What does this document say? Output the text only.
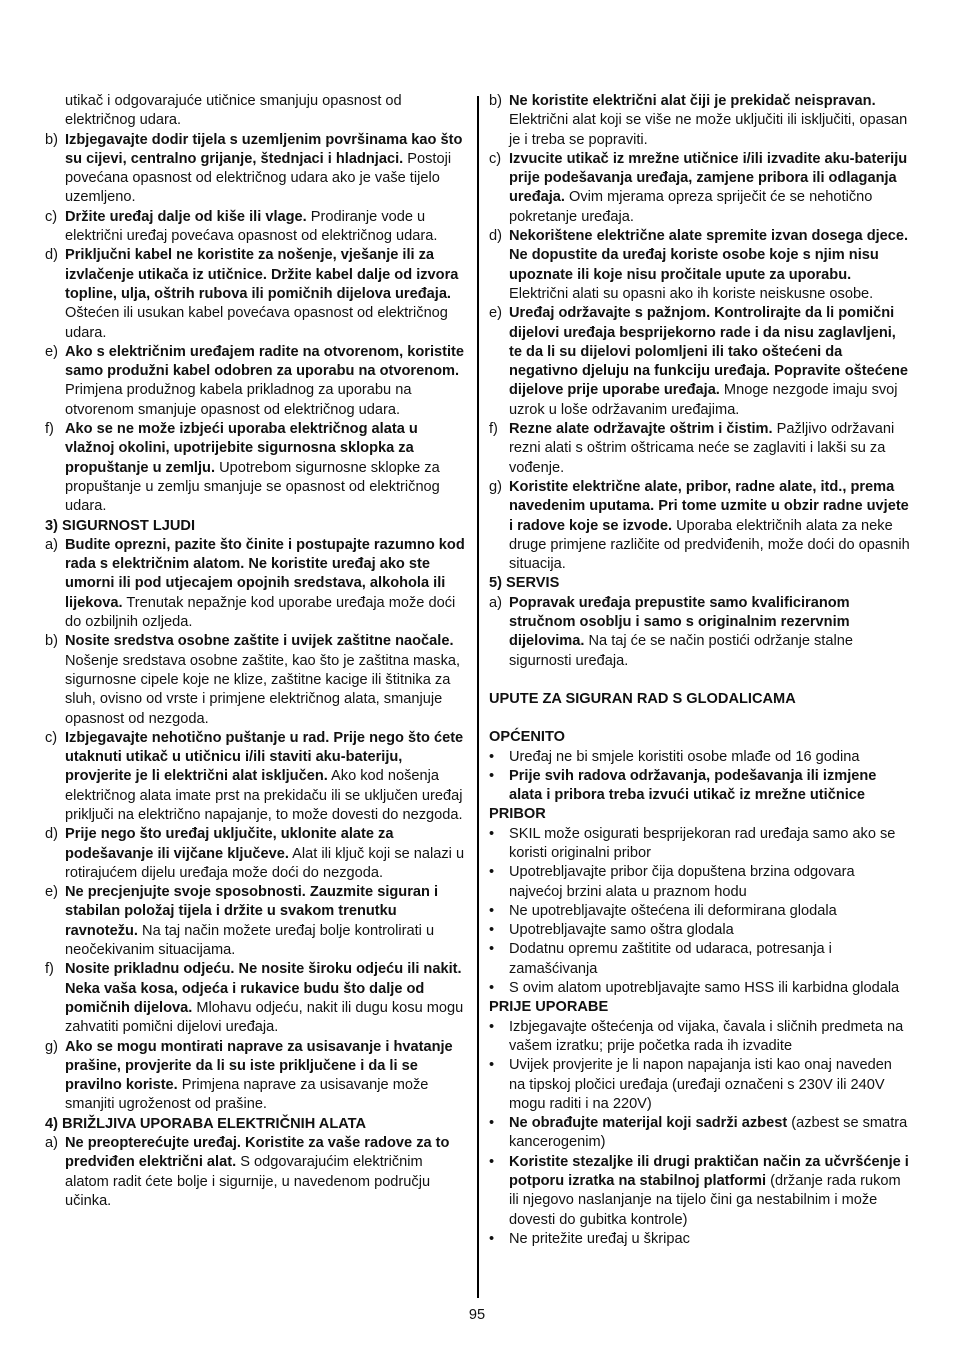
utikač i odgovarajuće utičnice smanjuju opasnost od električnog udara.
b) Izbjegavajte dodir tijela s uzemljenim površinama kao što su cijevi, centralno grijanje, štednjaci i hladnjaci. Postoji povećana opasnost od električnog udara ako je vaše tijelo uzemljeno.
c) Držite uređaj dalje od kiše ili vlage. Prodiranje vode u električni uređaj povećava opasnost od električnog udara.
d) Priključni kabel ne koristite za nošenje, vješanje ili za izvlačenje utikača iz utičnice. Držite kabel dalje od izvora topline, ulja, oštrih rubova ili pomičnih dijelova uređaja. Oštećen ili usukan kabel povećava opasnost od električnog udara.
e) Ako s električnim uređajem radite na otvorenom, koristite samo produžni kabel odobren za uporabu na otvorenom. Primjena produžnog kabela prikladnog za uporabu na otvorenom smanjuje opasnost od električnog udara.
f) Ako se ne može izbjeći uporaba električnog alata u vlažnoj okolini, upotrijebite sigurnosna sklopka za propuštanje u zemlju. Upotrebom sigurnosne sklopke za propuštanje u zemlju smanjuje se opasnost od električnog udara.
3) SIGURNOST LJUDI
a) Budite oprezni, pazite što činite i postupajte razumno kod rada s električnim alatom. Ne koristite uređaj ako ste umorni ili pod utjecajem opojnih sredstava, alkohola ili lijekova. Trenutak nepažnje kod uporabe uređaja može doći do ozbiljnih ozljeda.
b) Nosite sredstva osobne zaštite i uvijek zaštitne naočale. Nošenje sredstava osobne zaštite, kao što je zaštitna maska, sigurnosne cipele koje ne klize, zaštitne kacige ili štitnika za sluh, ovisno od vrste i primjene električnog alata, smanjuje opasnost od nezgoda.
c) Izbjegavajte nehotično puštanje u rad. Prije nego što ćete utaknuti utikač u utičnicu i/ili staviti aku-bateriju, provjerite je li električni alat isključen. Ako kod nošenja električnog alata imate prst na prekidaču ili se uključen uređaj priključi na električno napajanje, to može dovesti do nezgoda.
d) Prije nego što uređaj uključite, uklonite alate za podešavanje ili vijčane ključeve. Alat ili ključ koji se nalazi u rotirajućem dijelu uređaja može doći do nezgoda.
e) Ne precjenjujte svoje sposobnosti. Zauzmite siguran i stabilan položaj tijela i držite u svakom trenutku ravnotežu. Na taj način možete uređaj bolje kontrolirati u neočekivanim situacijama.
f) Nosite prikladnu odjeću. Ne nosite široku odjeću ili nakit. Neka vaša kosa, odjeća i rukavice budu što dalje od pomičnih dijelova. Mlohavu odjeću, nakit ili dugu kosu mogu zahvatiti pomični dijelovi uređaja.
g) Ako se mogu montirati naprave za usisavanje i hvatanje prašine, provjerite da li su iste priključene i da li se pravilno koriste. Primjena naprave za usisavanje može smanjiti ugroženost od prašine.
4) BRIŽLJIVA UPORABA ELEKTRIČNIH ALATA
a) Ne preopterećujte uređaj. Koristite za vaše radove za to predviđen električni alat. S odgovarajućim električnim alatom radit ćete bolje i sigurnije, u navedenom području učinka.
b) Ne koristite električni alat čiji je prekidač neispravan. Električni alat koji se više ne može uključiti ili isključiti, opasan je i treba se popraviti.
c) Izvucite utikač iz mrežne utičnice i/ili izvadite aku-bateriju prije podešavanja uređaja, zamjene pribora ili odlaganja uređaja. Ovim mjerama opreza spriječit će se nehotično pokretanje uređaja.
d) Nekorištene električne alate spremite izvan dosega djece. Ne dopustite da uređaj koriste osobe koje s njim nisu upoznate ili koje nisu pročitale upute za uporabu. Električni alati su opasni ako ih koriste neiskusne osobe.
e) Uređaj održavajte s pažnjom. Kontrolirajte da li pomični dijelovi uređaja besprijekorno rade i da nisu zaglavljeni, te da li su dijelovi polomljeni ili tako oštećeni da negativno djeluju na funkciju uređaja. Popravite oštećene dijelove prije uporabe uređaja. Mnoge nezgode imaju svoj uzrok u loše održavanim uređajima.
f) Rezne alate održavajte oštrim i čistim. Pažljivo održavani rezni alati s oštrim oštricama neće se zaglaviti i lakši su za vođenje.
g) Koristite električne alate, pribor, radne alate, itd., prema navedenim uputama. Pri tome uzmite u obzir radne uvjete i radove koje se izvode. Uporaba električnih alata za neke druge primjene različite od predviđenih, može doći do opasnih situacija.
5) SERVIS
a) Popravak uređaja prepustite samo kvalificiranom stručnom osoblju i samo s originalnim rezervnim dijelovima. Na taj će se način postići održanje stalne sigurnosti uređaja.
UPUTE ZA SIGURAN RAD S GLODALICAMA
OPĆENITO
•	Uređaj ne bi smjele koristiti osobe mlađe od 16 godina
•	Prije svih radova održavanja, podešavanja ili izmjene alata i pribora treba izvući utikač iz mrežne utičnice
PRIBOR
•	SKIL može osigurati besprijekoran rad uređaja samo ako se koristi originalni pribor
•	Upotrebljavajte pribor čija dopuštena brzina odgovara najvećoj brzini alata u praznom hodu
•	Ne upotrebljavajte oštećena ili deformirana glodala
•	Upotrebljavajte samo oštra glodala
•	Dodatnu opremu zaštitite od udaraca, potresanja i zamašćivanja
•	S ovim alatom upotrebljavajte samo HSS ili karbidna glodala
PRIJE UPORABE
•	Izbjegavajte oštećenja od vijaka, čavala i sličnih predmeta na vašem izratku; prije početka rada ih izvadite
•	Uvijek provjerite je li napon napajanja isti kao onaj naveden na tipskoj pločici uređaja (uređaji označeni s 230V ili 240V mogu raditi i na 220V)
•	Ne obrađujte materijal koji sadrži azbest (azbest se smatra kancerogenim)
•	Koristite stezaljke ili drugi praktičan način za učvršćenje i potporu izratka na stabilnoj platformi (držanje rada rukom ili njegovo naslanjanje na tijelo čini ga nestabilnim i može dovesti do gubitka kontrole)
•	Ne pritežite uređaj u škripac
95
